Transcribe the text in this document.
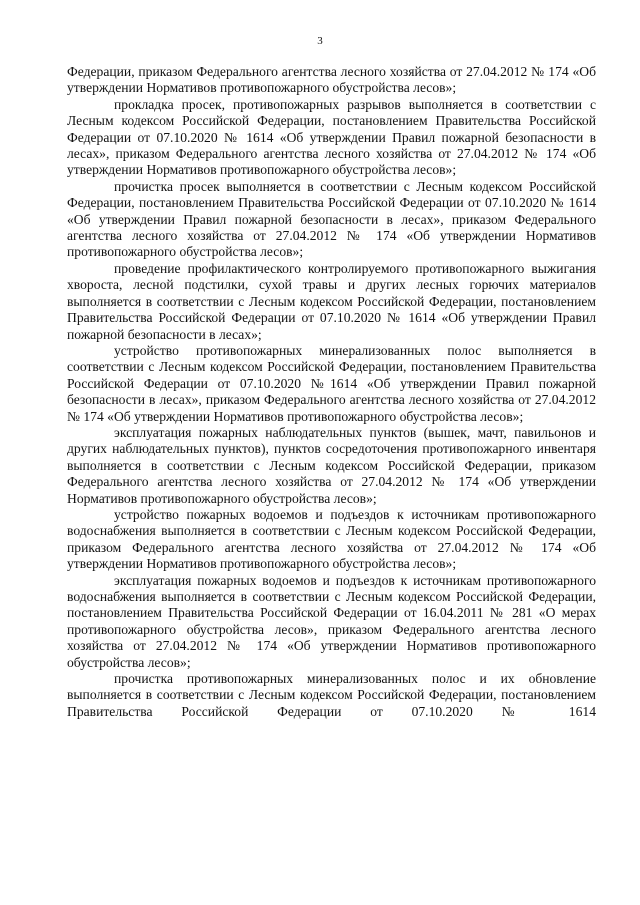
3

Федерации, приказом Федерального агентства лесного хозяйства от 27.04.2012 № 174 «Об утверждении Нормативов противопожарного обустройства лесов»;

прокладка просек, противопожарных разрывов выполняется в соответствии с Лесным кодексом Российской Федерации, постановлением Правительства Российской Федерации от 07.10.2020 № 1614 «Об утверждении Правил пожарной безопасности в лесах», приказом Федерального агентства лесного хозяйства от 27.04.2012 № 174 «Об утверждении Нормативов противопожарного обустройства лесов»;

прочистка просек выполняется в соответствии с Лесным кодексом Российской Федерации, постановлением Правительства Российской Федерации от 07.10.2020 № 1614 «Об утверждении Правил пожарной безопасности в лесах», приказом Федерального агентства лесного хозяйства от 27.04.2012 № 174 «Об утверждении Нормативов противопожарного обустройства лесов»;

проведение профилактического контролируемого противопожарного выжигания хвороста, лесной подстилки, сухой травы и других лесных горючих материалов выполняется в соответствии с Лесным кодексом Российской Федерации, постановлением Правительства Российской Федерации от 07.10.2020 № 1614 «Об утверждении Правил пожарной безопасности в лесах»;

устройство противопожарных минерализованных полос выполняется в соответствии с Лесным кодексом Российской Федерации, постановлением Правительства Российской Федерации от 07.10.2020 №1614 «Об утверждении Правил пожарной безопасности в лесах», приказом Федерального агентства лесного хозяйства от 27.04.2012 № 174 «Об утверждении Нормативов противопожарного обустройства лесов»;

эксплуатация пожарных наблюдательных пунктов (вышек, мачт, павильонов и других наблюдательных пунктов), пунктов сосредоточения противопожарного инвентаря выполняется в соответствии с Лесным кодексом Российской Федерации, приказом Федерального агентства лесного хозяйства от 27.04.2012 № 174 «Об утверждении Нормативов противопожарного обустройства лесов»;

устройство пожарных водоемов и подъездов к источникам противопожарного водоснабжения выполняется в соответствии с Лесным кодексом Российской Федерации, приказом Федерального агентства лесного хозяйства от 27.04.2012 № 174 «Об утверждении Нормативов противопожарного обустройства лесов»;

эксплуатация пожарных водоемов и подъездов к источникам противопожарного водоснабжения выполняется в соответствии с Лесным кодексом Российской Федерации, постановлением Правительства Российской Федерации от 16.04.2011 № 281 «О мерах противопожарного обустройства лесов», приказом Федерального агентства лесного хозяйства от 27.04.2012 № 174 «Об утверждении Нормативов противопожарного обустройства лесов»;

прочистка противопожарных минерализованных полос и их обновление выполняется в соответствии с Лесным кодексом Российской Федерации, постановлением Правительства Российской Федерации от 07.10.2020 № 1614
